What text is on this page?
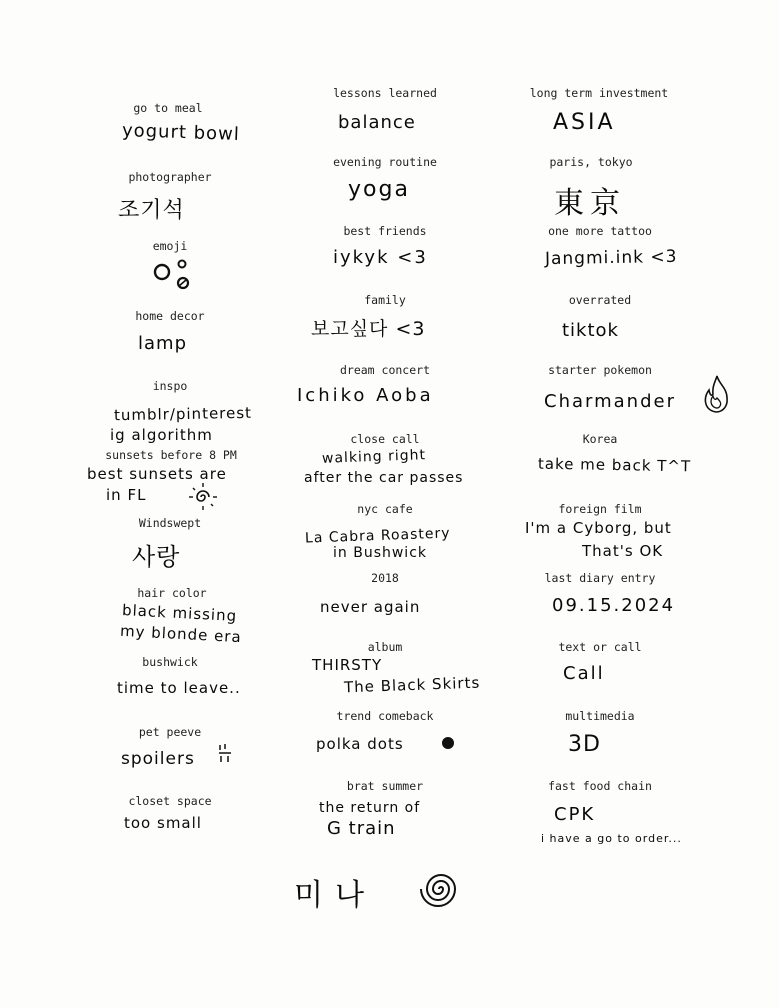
go to meal
yogurt bowl
photographer
조기석
emoji
home decor
lamp
inspo
tumblr/pinterest
ig algorithm
sunsets before 8 PM
best sunsets are
in FL
Windswept
사랑
hair color
black missing
my blonde era
bushwick
time to leave..
pet peeve
spoilers
closet space
too small
lessons learned
balance
evening routine
yoga
best friends
iykyk <3
family
보고싶다 <3
dream concert
Ichiko Aoba
close call
walking right
after the car passes
nyc cafe
La Cabra Roastery
in Bushwick
2018
never again
album
THIRSTY
The Black Skirts
trend comeback
polka dots
brat summer
the return of
G train
long term investment
ASIA
paris, tokyo
東京
one more tattoo
Jangmi.ink <3
overrated
tiktok
starter pokemon
Charmander
Korea
take me back T^T
foreign film
I'm a Cyborg, but
That's OK
last diary entry
09.15.2024
text or call
Call
multimedia
3D
fast food chain
CPK
i have a go to order...
미나
